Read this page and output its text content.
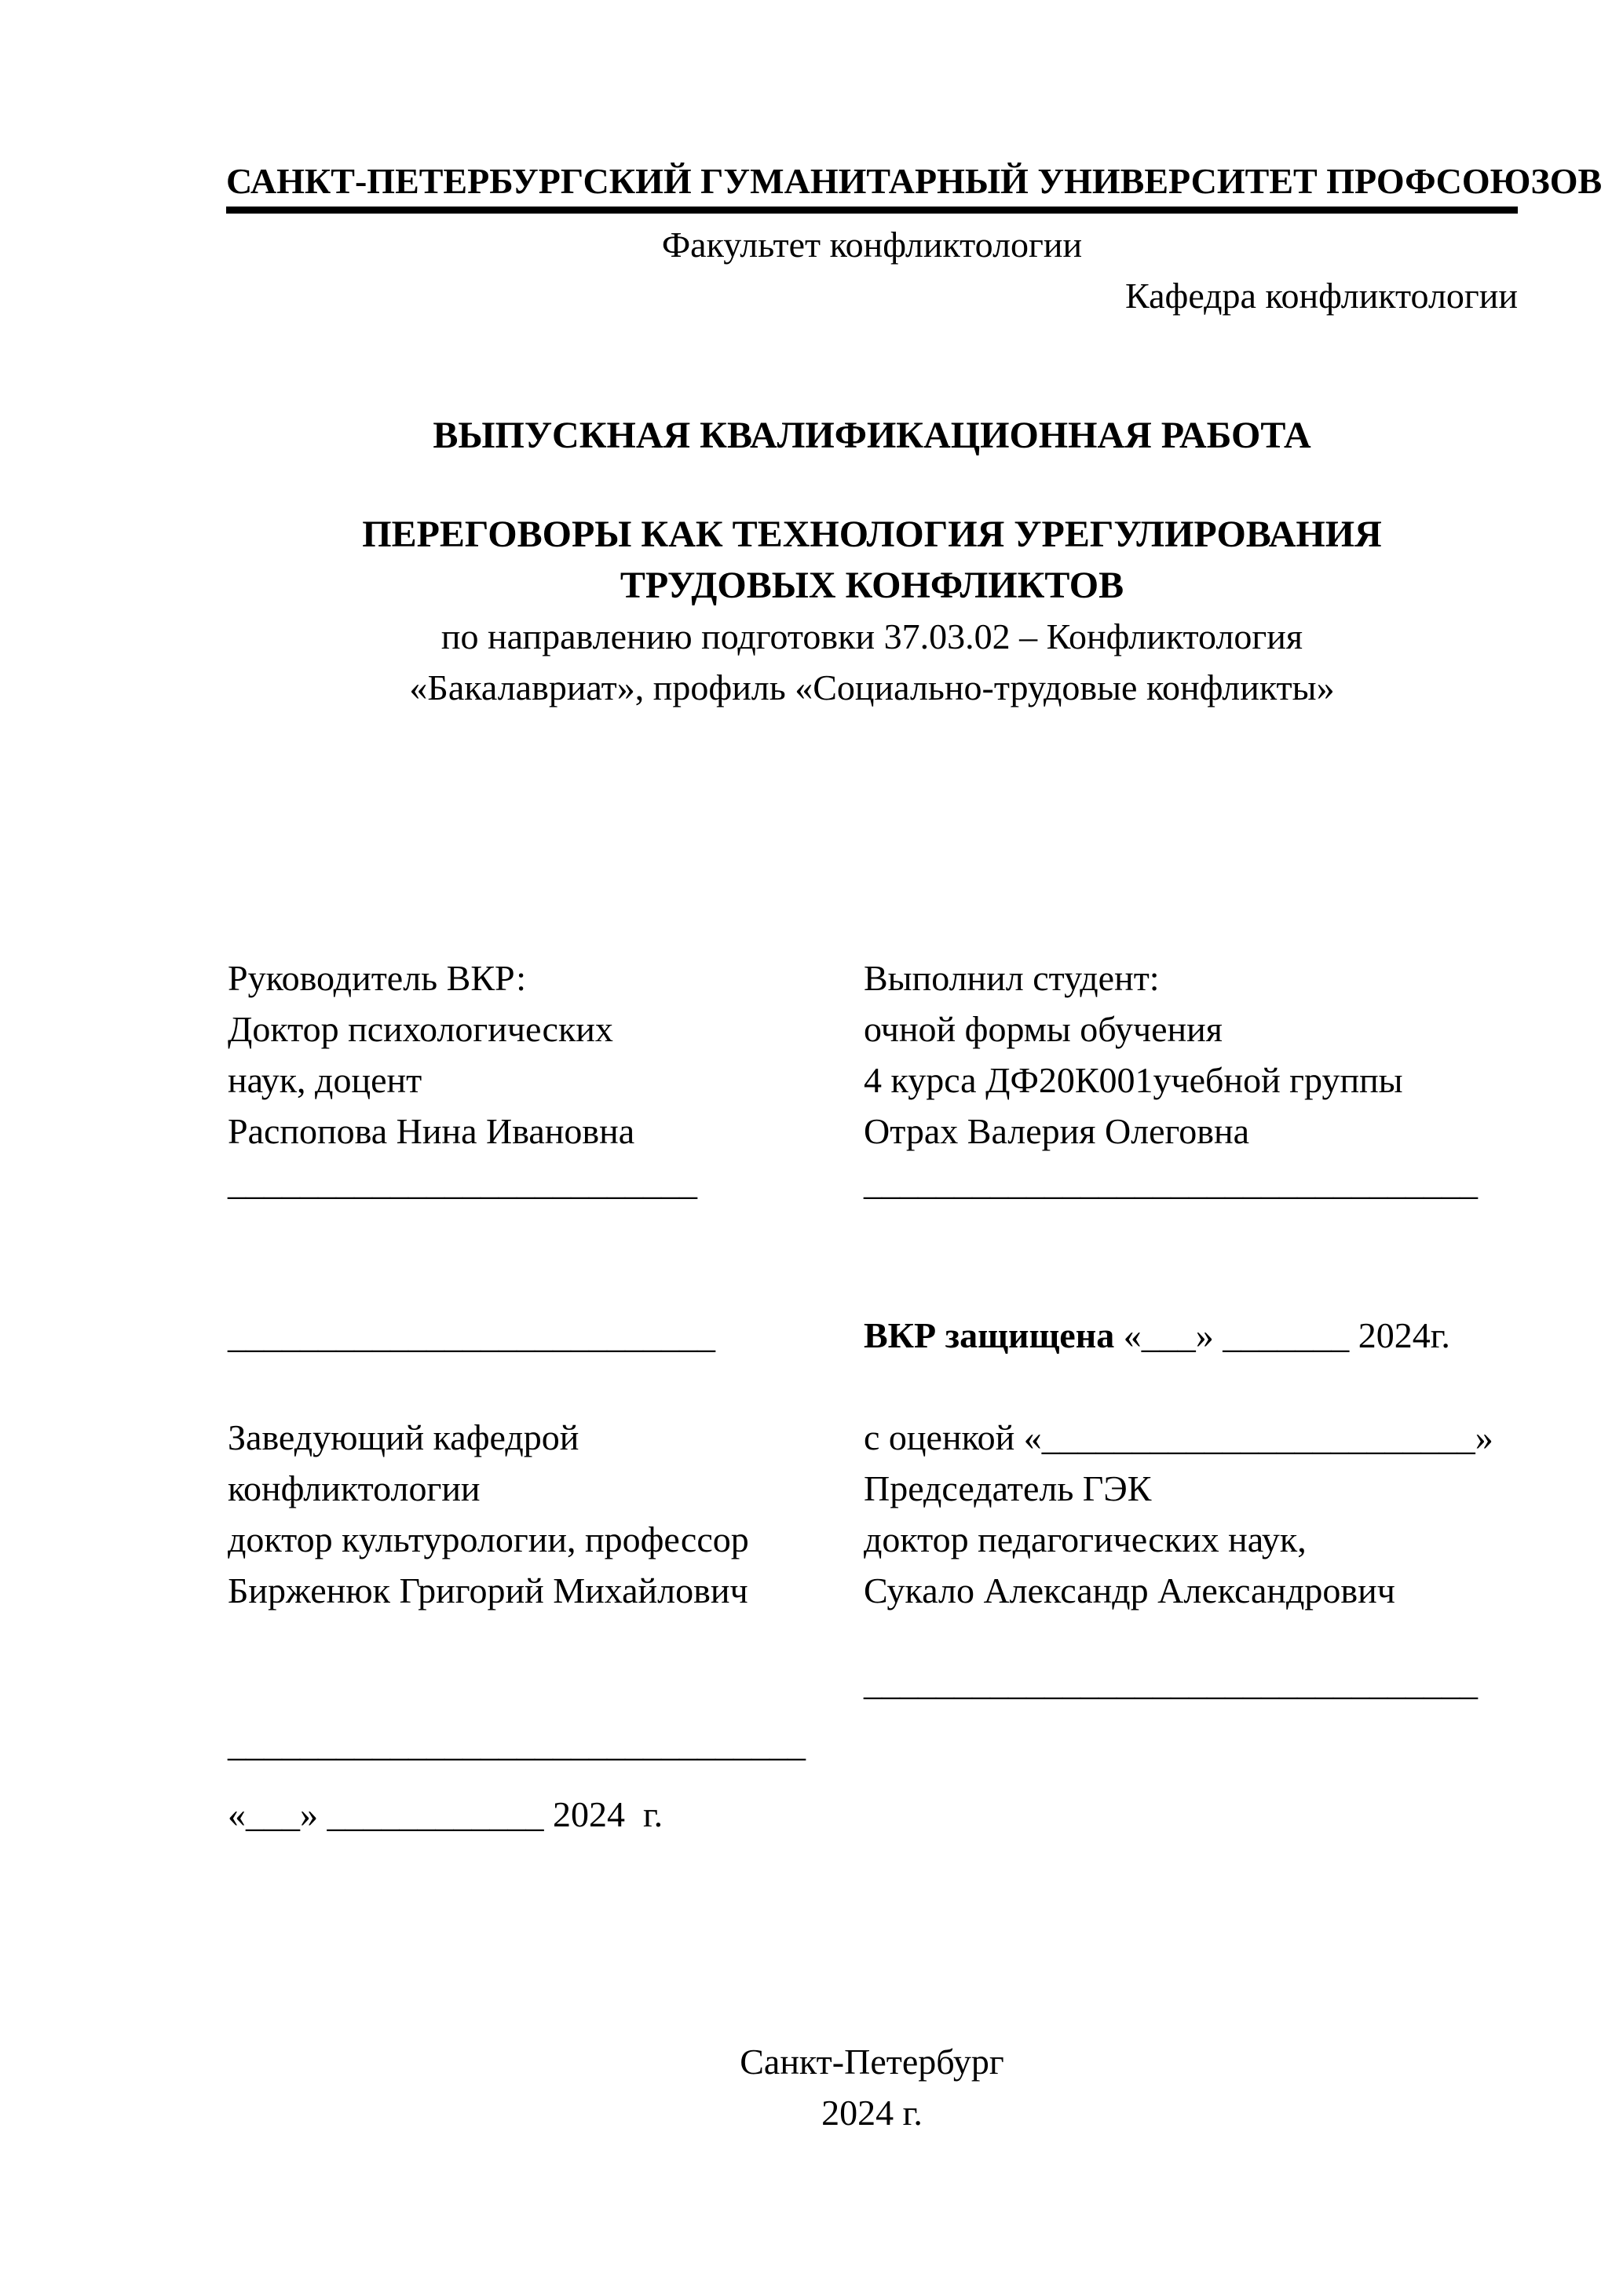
САНКТ-ПЕТЕРБУРГСКИЙ ГУМАНИТАРНЫЙ УНИВЕРСИТЕТ ПРОФСОЮЗОВ
Факультет конфликтологии
Кафедра конфликтологии
ВЫПУСКНАЯ КВАЛИФИКАЦИОННАЯ РАБОТА
ПЕРЕГОВОРЫ КАК ТЕХНОЛОГИЯ УРЕГУЛИРОВАНИЯ
ТРУДОВЫХ КОНФЛИКТОВ
по направлению подготовки 37.03.02 – Конфликтология
«Бакалавриат», профиль «Социально-трудовые конфликты»
Руководитель ВКР:
Доктор психологических
наук, доцент
Распопова Нина Ивановна
__________________________
___________________________
Заведующий кафедрой
конфликтологии
доктор культурологии, профессор
Бирженюк Григорий Михайлович
________________________________
«___» ____________ 2024  г.
Выполнил студент:
очной формы обучения
4 курса ДФ20К001учебной группы
Отрах Валерия Олеговна
__________________________________
ВКР защищена «___» _______ 2024г.
с оценкой «________________________»
Председатель ГЭК
доктор педагогических наук,
Сукало Александр Александрович
__________________________________
Санкт-Петербург
2024 г.
